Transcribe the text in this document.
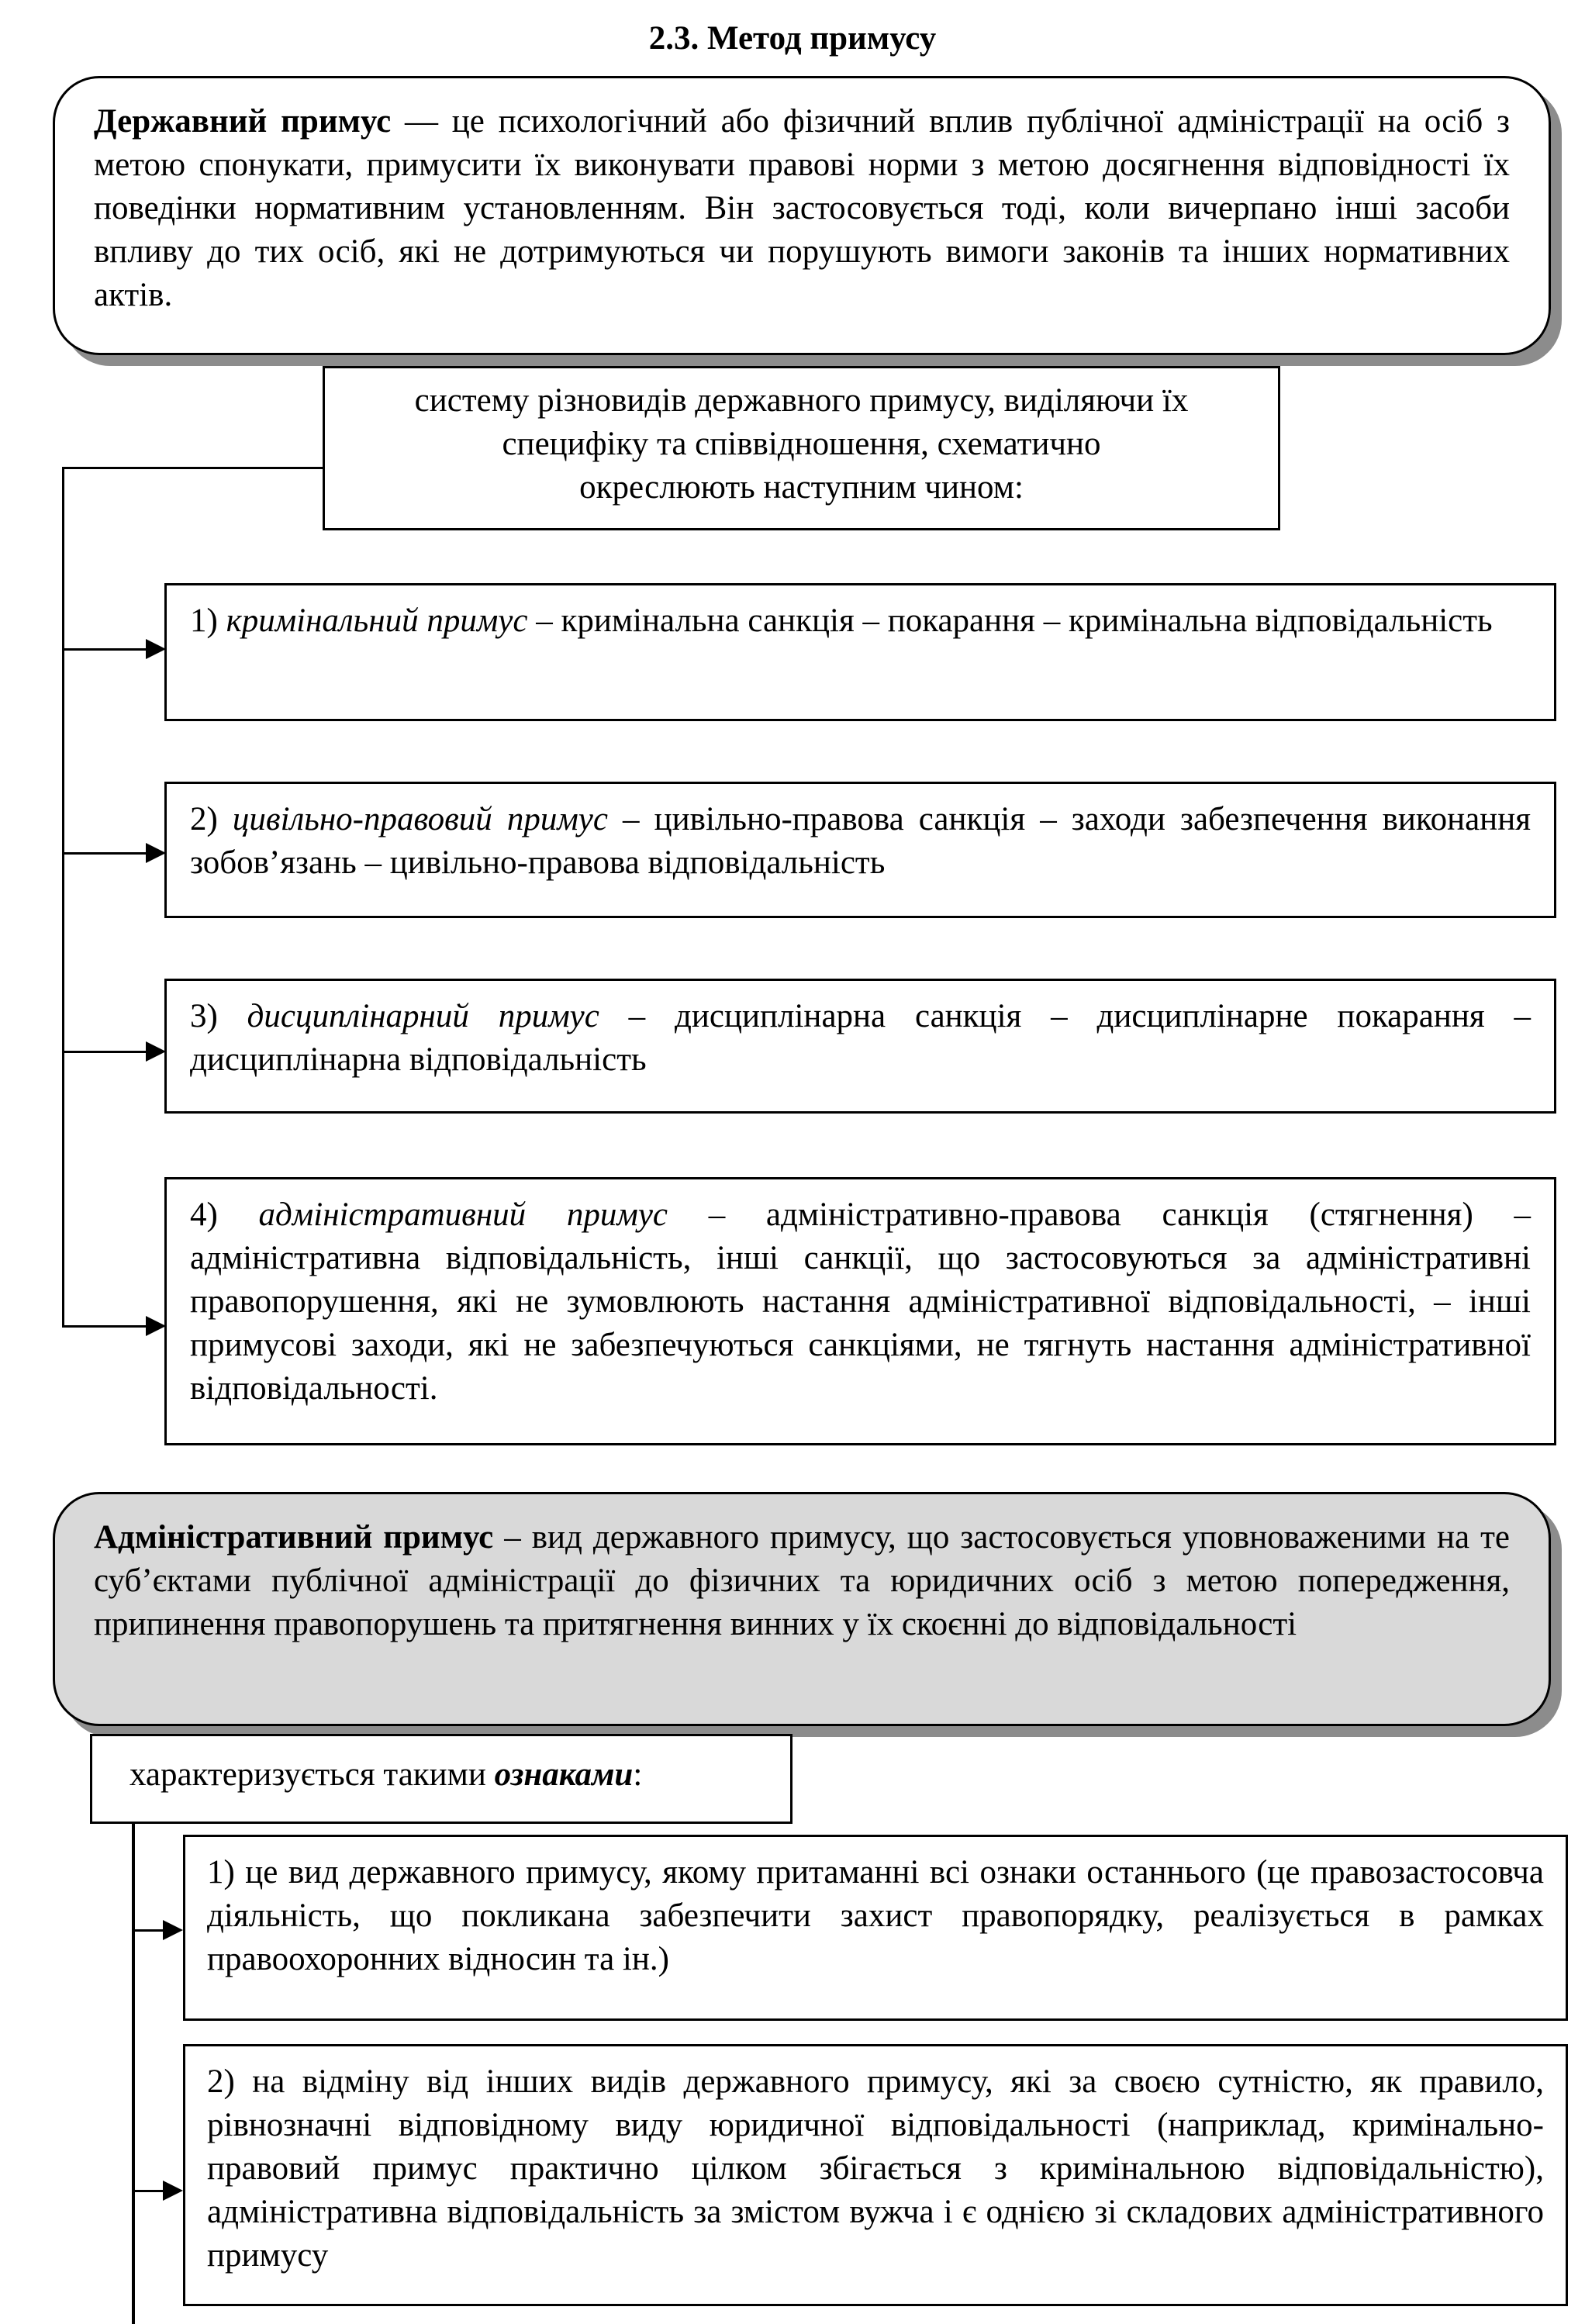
2.3. Метод примусу
Державний примус — це психологічний або фізичний вплив публічної адміністрації на осіб з метою спонукати, примусити їх виконувати правові норми з метою досягнення відповідності їх поведінки нормативним установленням. Він застосовується тоді, коли вичерпано інші засоби впливу до тих осіб, які не дотримуються чи порушують вимоги законів та інших нормативних актів.
систему різновидів державного примусу, виділяючи їх
специфіку та співвідношення, схематично
окреслюють наступним чином:
1) кримінальний примус – кримінальна санкція – покарання – кримінальна відповідальність
2) цивільно-правовий примус – цивільно-правова санкція – заходи забезпечення виконання зобов’язань – цивільно-правова відповідальність
3) дисциплінарний примус – дисциплінарна санкція – дисциплінарне покарання – дисциплінарна відповідальність
4) адміністративний примус – адміністративно-правова санкція (стягнення) – адміністративна відповідальність, інші санкції, що застосовуються за адміністративні правопорушення, які не зумовлюють настання адміністративної відповідальності, – інші примусові заходи, які не забезпечуються санкціями, не тягнуть настання адміністративної відповідальності.
Адміністративний примус – вид державного примусу, що застосовується уповноваженими на те суб’єктами публічної адміністрації до фізичних та юридичних осіб з метою попередження, припинення правопорушень та притягнення винних у їх скоєнні до відповідальності
характеризується такими ознаками:
1) це вид державного примусу, якому притаманні всі ознаки останнього (це правозастосовча діяльність, що покликана забезпечити захист правопорядку, реалізується в рамках правоохоронних відносин та ін.)
2) на відміну від інших видів державного примусу, які за своєю сутністю, як правило, рівнозначні відповідному виду юридичної відповідальності (наприклад, кримінально-правовий примус практично цілком збігається з кримінальною відповідальністю), адміністративна відповідальність за змістом вужча і є однією зі складових адміністративного примусу
